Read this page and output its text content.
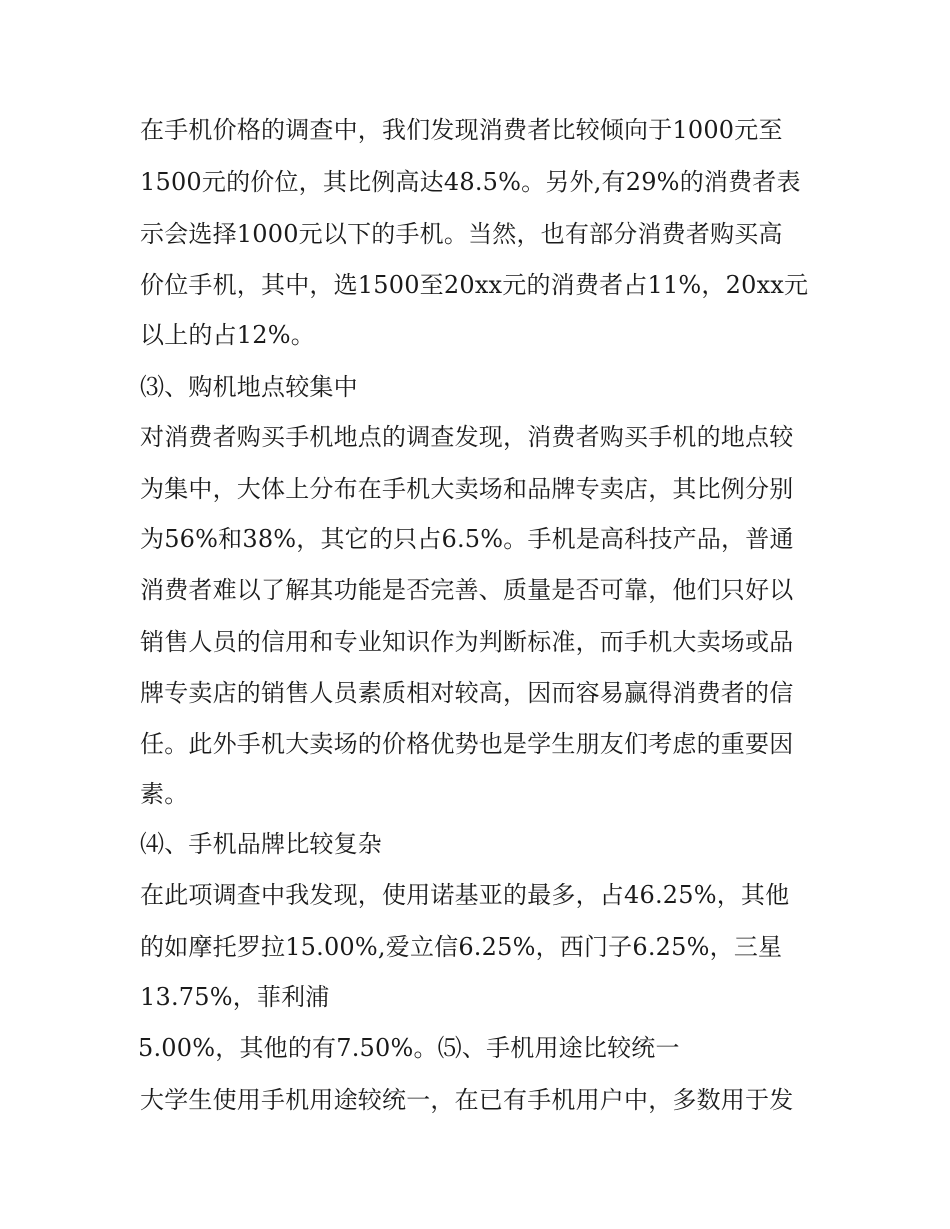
在手机价格的调查中，我们发现消费者比较倾向于1000元至
1500元的价位，其比例高达48.5%。另外,有29%的消费者表
示会选择1000元以下的手机。当然，也有部分消费者购买高
价位手机，其中，选1500至20xx元的消费者占11%，20xx元
以上的占12%。
⑶、购机地点较集中
对消费者购买手机地点的调查发现，消费者购买手机的地点较
为集中，大体上分布在手机大卖场和品牌专卖店，其比例分别
为56%和38%，其它的只占6.5%。手机是高科技产品，普通
消费者难以了解其功能是否完善、质量是否可靠，他们只好以
销售人员的信用和专业知识作为判断标准，而手机大卖场或品
牌专卖店的销售人员素质相对较高，因而容易赢得消费者的信
任。此外手机大卖场的价格优势也是学生朋友们考虑的重要因
素。
⑷、手机品牌比较复杂
在此项调查中我发现，使用诺基亚的最多，占46.25%，其他
的如摩托罗拉15.00%,爱立信6.25%，西门子6.25%，三星
13.75%，菲利浦
5.00%，其他的有7.50%。⑸、手机用途比较统一
大学生使用手机用途较统一，在已有手机用户中，多数用于发
